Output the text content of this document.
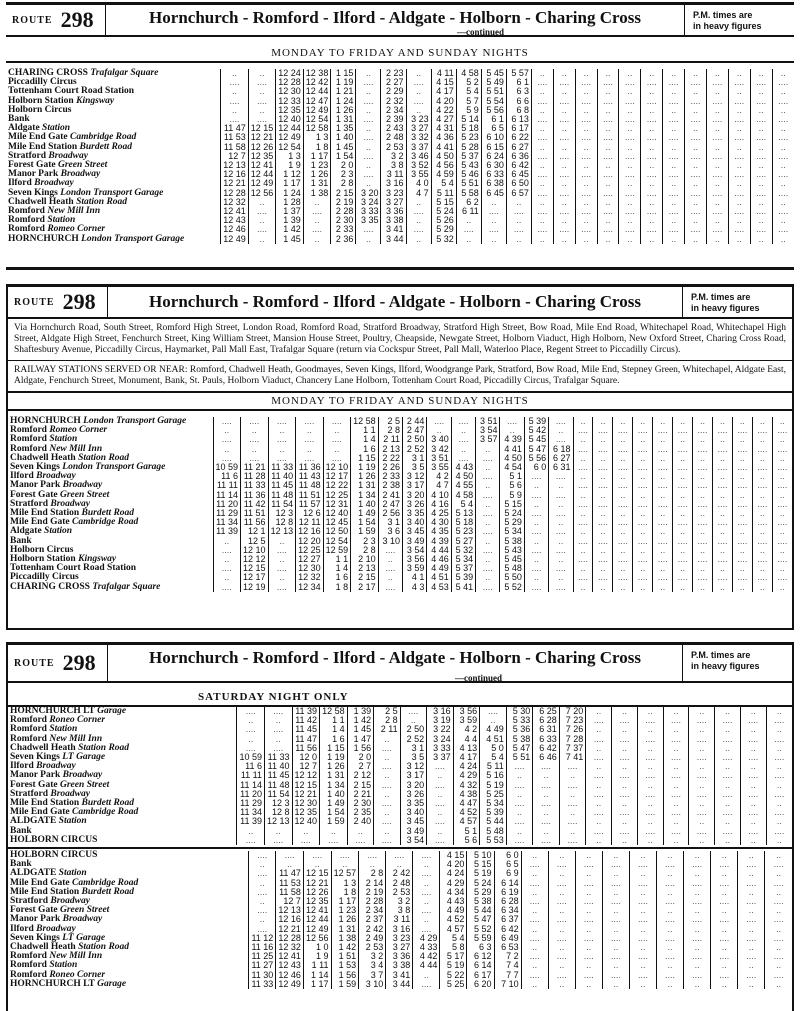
ROUTE 298	Hornchurch - Romford - Ilford - Aldgate - Holborn - Charing Cross
—continued
P.M. times are
in heavy figures
MONDAY TO FRIDAY AND SUNDAY NIGHTS
CHARING CROSS Trafalgar Square	..	..	12 24	12 38	1 15	..	2 23	..	4 11	4 58	5 45	5 57	..	..	..	..	..	..	..	..	..	..	..	..
Piccadilly Circus	....	....	12 28	12 42	1 19	....	2 27	....	4 15	5 2	5 49	6 1	....	....	....	....	....	....	....	....	....	....	....	....
Tottenham Court Road Station	..	..	12 30	12 44	1 21	..	2 29	..	4 17	5 4	5 51	6 3	..	..	..	..	..	..	..	..	..	..	..	..
Holborn Station Kingsway	....	....	12 33	12 47	1 24	....	2 32	....	4 20	5 7	5 54	6 6	....	....	....	....	....	....	....	....	....	....	....	....
Holborn Circus	..	..	12 35	12 49	1 26	..	2 34	..	4 22	5 9	5 56	6 8	..	..	..	..	..	..	..	..	..	..	..	..
Bank	....	....	12 40	12 54	1 31	....	2 39	3 23	4 27	5 14	6 1	6 13	....	....	....	....	....	....	....	....	....	....	....	....
Aldgate Station	11 47	12 15	12 44	12 58	1 35	..	2 43	3 27	4 31	5 18	6 5	6 17	..	..	..	..	..	..	..	..	..	..	..	..
Mile End Gate Cambridge Road	11 53	12 21	12 49	1 3	1 40	....	2 48	3 32	4 36	5 23	6 10	6 22	....	....	....	....	....	....	....	....	....	....	....	....
Mile End Station Burdett Road	11 58	12 26	12 54	1 8	1 45	..	2 53	3 37	4 41	5 28	6 15	6 27	..	..	..	..	..	..	..	..	..	..	..	..
Stratford Broadway	12 7	12 35	1 3	1 17	1 54	....	3 2	3 46	4 50	5 37	6 24	6 36	....	....	....	....	....	....	....	....	....	....	....	....
Forest Gate Green Street	12 13	12 41	1 9	1 23	2 0	..	3 8	3 52	4 56	5 43	6 30	6 42	..	..	..	..	..	..	..	..	..	..	..	..
Manor Park Broadway	12 16	12 44	1 12	1 26	2 3	....	3 11	3 55	4 59	5 46	6 33	6 45	....	....	....	....	....	....	....	....	....	....	....	....
Ilford Broadway	12 21	12 49	1 17	1 31	2 8	..	3 16	4 0	5 4	5 51	6 38	6 50	..	..	..	..	..	..	..	..	..	..	..	..
Seven Kings London Transport Garage	12 28	12 56	1 24	1 38	2 15	3 20	3 23	4 7	5 11	5 58	6 45	6 57	....	....	....	....	....	....	....	....	....	....	....	....
Chadwell Heath Station Road	12 32	..	1 28	..	2 19	3 24	3 27	..	5 15	6 2	..	..	..	..	..	..	..	..	..	..	..	..	..	..
Romford New Mill Inn	12 41	....	1 37	....	2 28	3 33	3 36	....	5 24	6 11	....	....	....	....	....	....	....	....	....	....	....	....	....	....
Romford Station	12 43	..	1 39	..	2 30	3 35	3 38	..	5 26	..	..	..	..	..	..	..	..	..	..	..	..	..	..	..
Romford Romeo Corner	12 46	....	1 42	....	2 33	....	3 41	....	5 29	....	....	....	....	....	....	....	....	....	....	....	....	....	....	....
HORNCHURCH London Transport Garage	12 49	..	1 45	..	2 36	..	3 44	..	5 32	..	..	..	..	..	..	..	..	..	..	..	..	..	..	..
ROUTE 298	Hornchurch - Romford - Ilford - Aldgate - Holborn - Charing Cross	P.M. times are
in heavy figures
Via Hornchurch Road, South Street, Romford High Street, London Road, Romford Road, Stratford Broadway, Stratford High Street, Bow Road, Mile End Road, Whitechapel Road, Whitechapel High Street, Aldgate High Street, Fenchurch Street, King William Street, Mansion House Street, Poultry, Cheapside, Newgate Street, Holborn Viaduct, High Holborn, New Oxford Street, Charing Cross Road, Shaftesbury Avenue, Piccadilly Circus, Haymarket, Pall Mall East, Trafalgar Square (return via Cockspur Street, Pall Mall, Waterloo Place, Regent Street to Piccadilly Circus).
RAILWAY STATIONS SERVED OR NEAR: Romford, Chadwell Heath, Goodmayes, Seven Kings, Ilford, Woodgrange Park, Stratford, Bow Road, Mile End, Stepney Green, Whitechapel, Aldgate East, Aldgate, Fenchurch Street, Monument, Bank, St. Pauls, Holborn Viaduct, Chancery Lane Holborn, Tottenham Court Road, Piccadilly Circus, Trafalgar Square.
MONDAY TO FRIDAY AND SUNDAY NIGHTS
HORNCHURCH London Transport Garage	....	....	....	....	....	12 58	2 5	2 44	....	....	3 51	....	5 39	....	..	..	..	..	..	..	..	..	..	..	..
Romford Romeo Corner	..	..	..	..	..	1 1	2 8	2 47	..	..	3 54	..	5 42	..	....	....	....	....	....	....	....	....	....	....	....
Romford Station	....	....	....	....	....	1 4	2 11	2 50	3 40	....	3 57	4 39	5 45	....	..	..	..	..	..	..	..	..	..	..	..
Romford New Mill Inn	..	..	..	..	..	1 6	2 13	2 52	3 42	..	..	4 41	5 47	6 18	....	....	....	....	....	....	....	....	....	....	....
Chadwell Heath Station Road	....	....	....	....	....	1 15	2 22	3 1	3 51	....	....	4 50	5 56	6 27	..	..	..	..	..	..	..	..	..	..	..
Seven Kings London Transport Garage	10 59	11 21	11 33	11 36	12 10	1 19	2 26	3 5	3 55	4 43	..	4 54	6 0	6 31	....	....	....	....	....	....	....	....	....	....	....
Ilford Broadway	11 6	11 28	11 40	11 43	12 17	1 26	2 33	3 12	4 2	4 50	....	5 1	....	....	..	..	..	..	..	..	..	..	..	..	..
Manor Park Broadway	11 11	11 33	11 45	11 48	12 22	1 31	2 38	3 17	4 7	4 55	..	5 6	..	..	....	....	....	....	....	....	....	....	....	....	....
Forest Gate Green Street	11 14	11 36	11 48	11 51	12 25	1 34	2 41	3 20	4 10	4 58	....	5 9	....	....	..	..	..	..	..	..	..	..	..	..	..
Stratford Broadway	11 20	11 42	11 54	11 57	12 31	1 40	2 47	3 26	4 16	5 4	..	5 15	..	..	....	....	....	....	....	....	....	....	....	....	....
Mile End Station Burdett Road	11 29	11 51	12 3	12 6	12 40	1 49	2 56	3 35	4 25	5 13	....	5 24	....	....	..	..	..	..	..	..	..	..	..	..	..
Mile End Gate Cambridge Road	11 34	11 56	12 8	12 11	12 45	1 54	3 1	3 40	4 30	5 18	..	5 29	..	..	....	....	....	....	....	....	....	....	....	....	....
Aldgate Station	11 39	12 1	12 13	12 16	12 50	1 59	3 6	3 45	4 35	5 23	....	5 34	....	....	..	..	..	..	..	..	..	..	..	..	..
Bank	..	12 5	..	12 20	12 54	2 3	3 10	3 49	4 39	5 27	..	5 38	..	..	....	....	....	....	....	....	....	....	....	....	....
Holborn Circus	....	12 10	....	12 25	12 59	2 8	....	3 54	4 44	5 32	....	5 43	....	....	..	..	..	..	..	..	..	..	..	..	..
Holborn Station Kingsway	..	12 12	..	12 27	1 1	2 10	..	3 56	4 46	5 34	..	5 45	..	..	....	....	....	....	....	....	....	....	....	....	....
Tottenham Court Road Station	....	12 15	....	12 30	1 4	2 13	....	3 59	4 49	5 37	....	5 48	....	....	..	..	..	..	..	..	..	..	..	..	..
Piccadilly Circus	..	12 17	..	12 32	1 6	2 15	..	4 1	4 51	5 39	..	5 50	..	..	....	....	....	....	....	....	....	....	....	....	....
CHARING CROSS Trafalgar Square	....	12 19	....	12 34	1 8	2 17	....	4 3	4 53	5 41	....	5 52	....	....	..	..	..	..	..	..	..	..	..	..	..
ROUTE 298	Hornchurch - Romford - Ilford - Aldgate - Holborn - Charing Cross
—continued
P.M. times are
in heavy figures
SATURDAY NIGHT ONLY
HORNCHURCH LT Garage	....	....	11 39	12 58	1 39	2 5	....	3 16	3 56	....	5 30	6 25	7 20	..	..	..	..	..	..	..	..
Romford Roneo Corner	..	..	11 42	1 1	1 42	2 8	..	3 19	3 59	..	5 33	6 28	7 23	....	....	....	....	....	....	....	....
Romford Station	....	....	11 45	1 4	1 45	2 11	2 50	3 22	4 2	4 49	5 36	6 31	7 26	..	..	..	..	..	..	..	..
Romford New Mill Inn	..	..	11 47	1 6	1 47	..	2 52	3 24	4 4	4 51	5 38	6 33	7 28	....	....	....	....	....	....	....	....
Chadwell Heath Station Road	....	....	11 56	1 15	1 56	....	3 1	3 33	4 13	5 0	5 47	6 42	7 37	..	..	..	..	..	..	..	..
Seven Kings LT Garage	10 59	11 33	12 0	1 19	2 0	..	3 5	3 37	4 17	5 4	5 51	6 46	7 41	....	....	....	....	....	....	....	....
Ilford Broadway	11 6	11 40	12 7	1 26	2 7	....	3 12	....	4 24	5 11	....	....	....	..	..	..	..	..	..	..	..
Manor Park Broadway	11 11	11 45	12 12	1 31	2 12	..	3 17	..	4 29	5 16	..	..	..	....	....	....	....	....	....	....	....
Forest Gate Green Street	11 14	11 48	12 15	1 34	2 15	....	3 20	....	4 32	5 19	....	....	....	..	..	..	..	..	..	..	..
Stratford Broadway	11 20	11 54	12 21	1 40	2 21	..	3 26	..	4 38	5 25	..	..	..	....	....	....	....	....	....	....	....
Mile End Station Burdett Road	11 29	12 3	12 30	1 49	2 30	....	3 35	....	4 47	5 34	....	....	....	..	..	..	..	..	..	..	..
Mile End Gate Cambridge Road	11 34	12 8	12 35	1 54	2 35	..	3 40	..	4 52	5 39	..	..	..	....	....	....	....	....	....	....	....
ALDGATE Station	11 39	12 13	12 40	1 59	2 40	....	3 45	....	4 57	5 44	....	....	....	..	..	..	..	..	..	..	..
Bank	..	..	..	..	..	..	3 49	..	5 1	5 48	..	..	..	....	....	....	....	....	....	....	....
HOLBORN CIRCUS	....	....	....	....	....	....	3 54	....	5 6	5 53	....	....	....	..	..	..	..	..	..	..	..
HOLBORN CIRCUS	....	....	....	....	....	....	....	4 15	5 10	6 0	..	..	..	..	..	..	..	..	..	..
Bank	..	..	..	..	..	..	..	4 20	5 15	6 5	....	....	....	....	....	....	....	....	....	....
ALDGATE Station	....	11 47	12 15	12 57	2 8	2 42	....	4 24	5 19	6 9	..	..	..	..	..	..	..	..	..	..
Mile End Gate Cambridge Road	..	11 53	12 21	1 3	2 14	2 48	..	4 29	5 24	6 14	....	....	....	....	....	....	....	....	....	....
Mile End Station Burdett Road	....	11 58	12 26	1 8	2 19	2 53	....	4 34	5 29	6 19	..	..	..	..	..	..	..	..	..	..
Stratford Broadway	..	12 7	12 35	1 17	2 28	3 2	..	4 43	5 38	6 28	....	....	....	....	....	....	....	....	....	....
Forest Gate Green Street	....	12 13	12 41	1 23	2 34	3 8	....	4 49	5 44	6 34	..	..	..	..	..	..	..	..	..	..
Manor Park Broadway	..	12 16	12 44	1 26	2 37	3 11	..	4 52	5 47	6 37	....	....	....	....	....	....	....	....	....	....
Ilford Broadway	....	12 21	12 49	1 31	2 42	3 16	....	4 57	5 52	6 42	..	..	..	..	..	..	..	..	..	..
Seven Kings LT Garage	11 12	12 28	12 56	1 38	2 49	3 23	4 29	5 4	5 59	6 49	....	....	....	....	....	....	....	....	....	....
Chadwell Heath Station Road	11 16	12 32	1 0	1 42	2 53	3 27	4 33	5 8	6 3	6 53	..	..	..	..	..	..	..	..	..	..
Romford New Mill Inn	11 25	12 41	1 9	1 51	3 2	3 36	4 42	5 17	6 12	7 2	....	....	....	....	....	....	....	....	....	....
Romford Station	11 27	12 43	1 11	1 53	3 4	3 38	4 44	5 19	6 14	7 4	..	..	..	..	..	..	..	..	..	..
Romford Roneo Corner	11 30	12 46	1 14	1 56	3 7	3 41	..	5 22	6 17	7 7	....	....	....	....	....	....	....	....	....	....
HORNCHURCH LT Garage	11 33	12 49	1 17	1 59	3 10	3 44	....	5 25	6 20	7 10	..	..	..	..	..	..	..	..	..	..
